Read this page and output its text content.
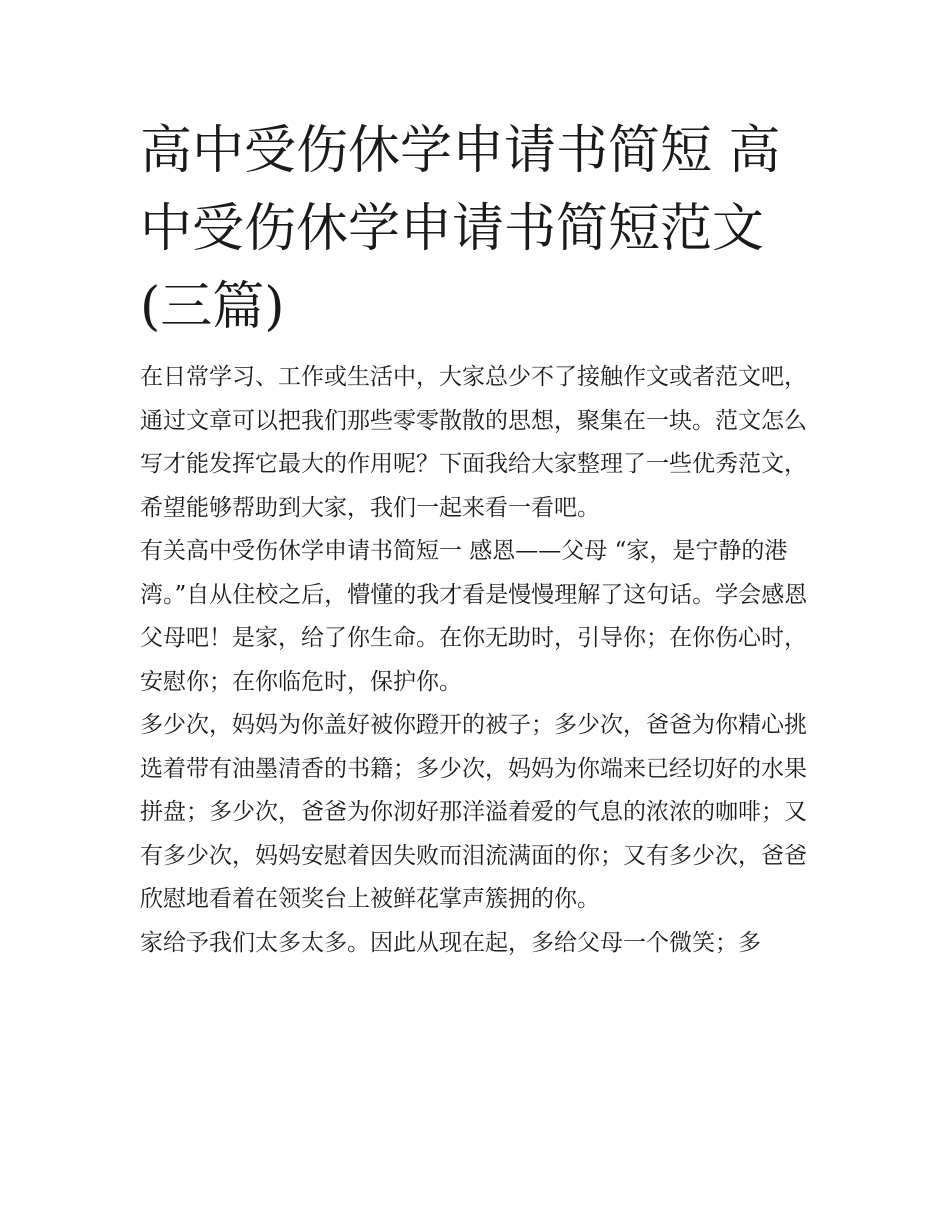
高中受伤休学申请书简短 高中受伤休学申请书简短范文(三篇)

在日常学习、工作或生活中，大家总少不了接触作文或者范文吧，通过文章可以把我们那些零零散散的思想，聚集在一块。范文怎么写才能发挥它最大的作用呢？下面我给大家整理了一些优秀范文，希望能够帮助到大家，我们一起来看一看吧。

有关高中受伤休学申请书简短一 感恩——父母 “家，是宁静的港湾。”自从住校之后，懵懂的我才看是慢慢理解了这句话。学会感恩父母吧！是家，给了你生命。在你无助时，引导你；在你伤心时，安慰你；在你临危时，保护你。

多少次，妈妈为你盖好被你蹬开的被子；多少次，爸爸为你精心挑选着带有油墨清香的书籍；多少次，妈妈为你端来已经切好的水果拼盘；多少次，爸爸为你沏好那洋溢着爱的气息的浓浓的咖啡；又有多少次，妈妈安慰着因失败而泪流满面的你；又有多少次，爸爸欣慰地看着在领奖台上被鲜花掌声簇拥的你。

家给予我们太多太多。因此从现在起，多给父母一个微笑；多
